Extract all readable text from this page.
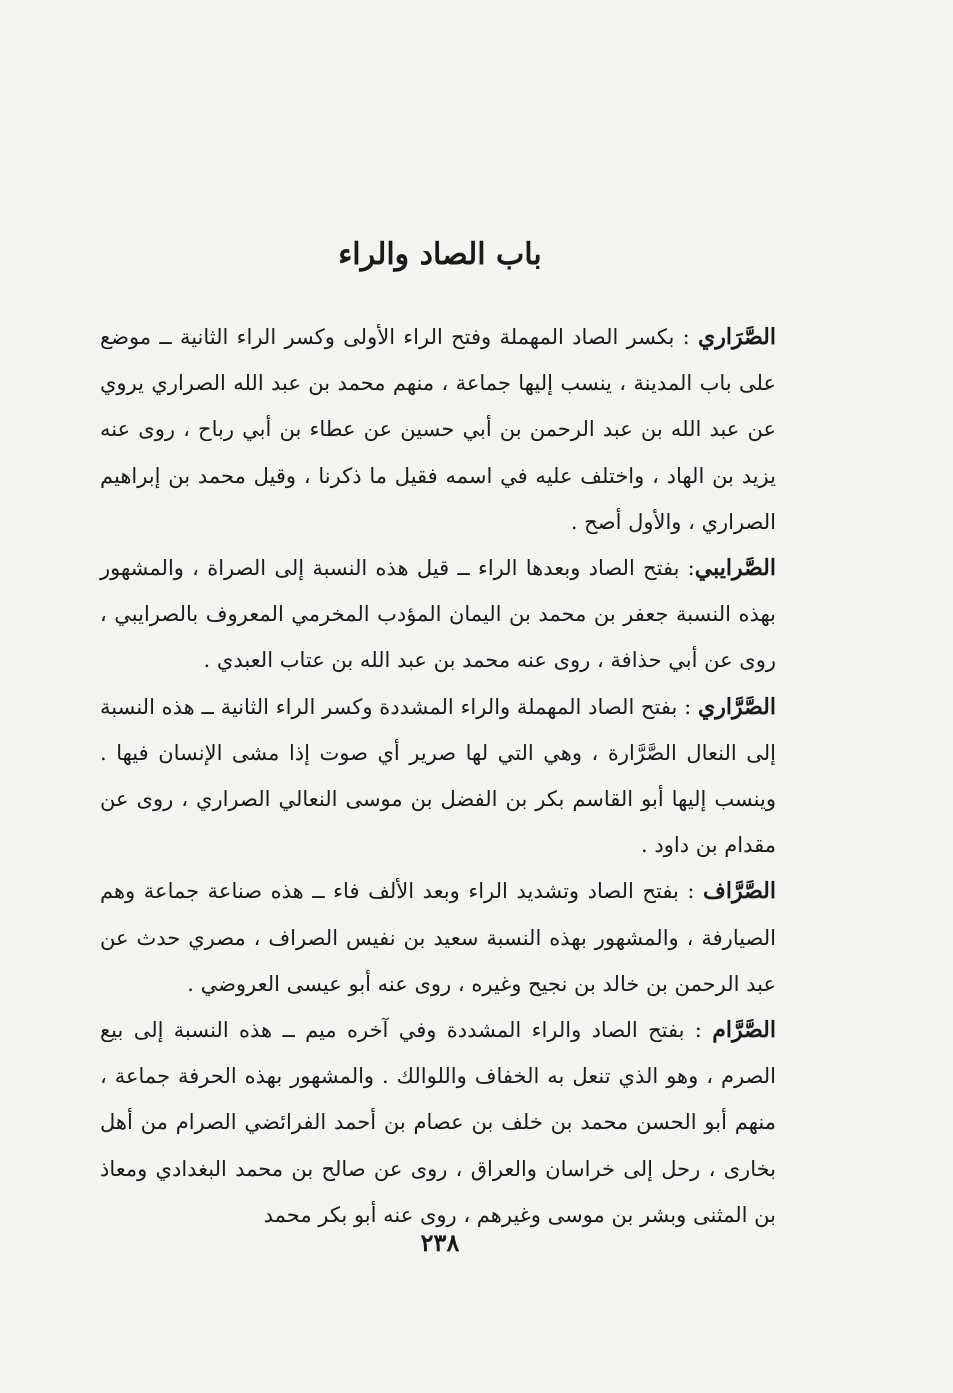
باب الصاد والراء

الصَّرَاري : بكسر الصاد المهملة وفتح الراء الأولى وكسر الراء الثانية ــ موضع على باب المدينة ، ينسب إليها جماعة ، منهم محمد بن عبد الله الصراري يروي عن عبد الله بن عبد الرحمن بن أبي حسين عن عطاء بن أبي رباح ، روى عنه يزيد بن الهاد ، واختلف عليه في اسمه فقيل ما ذكرنا ، وقيل محمد بن إبراهيم الصراري ، والأول أصح .

الصَّرايبي: بفتح الصاد وبعدها الراء ــ قيل هذه النسبة إلى الصراة ، والمشهور بهذه النسبة جعفر بن محمد بن اليمان المؤدب المخرمي المعروف بالصرايبي ، روى عن أبي حذافة ، روى عنه محمد بن عبد الله بن عتاب العبدي .

الصَّرَّاري : بفتح الصاد المهملة والراء المشددة وكسر الراء الثانية ــ هذه النسبة إلى النعال الصَّرَّارة ، وهي التي لها صرير أي صوت إذا مشى الإنسان فيها . وينسب إليها أبو القاسم بكر بن الفضل بن موسى النعالي الصراري ، روى عن مقدام بن داود .

الصَّرَّاف : بفتح الصاد وتشديد الراء وبعد الألف فاء ــ هذه صناعة جماعة وهم الصيارفة ، والمشهور بهذه النسبة سعيد بن نفيس الصراف ، مصري حدث عن عبد الرحمن بن خالد بن نجيح وغيره ، روى عنه أبو عيسى العروضي .

الصَّرَّام : بفتح الصاد والراء المشددة وفي آخره ميم ــ هذه النسبة إلى بيع الصرم ، وهو الذي تنعل به الخفاف واللوالك . والمشهور بهذه الحرفة جماعة ، منهم أبو الحسن محمد بن خلف بن عصام بن أحمد الفرائضي الصرام من أهل بخارى ، رحل إلى خراسان والعراق ، روى عن صالح بن محمد البغدادي ومعاذ بن المثنى وبشر بن موسى وغيرهم ، روى عنه أبو بكر محمد

٢٣٨
